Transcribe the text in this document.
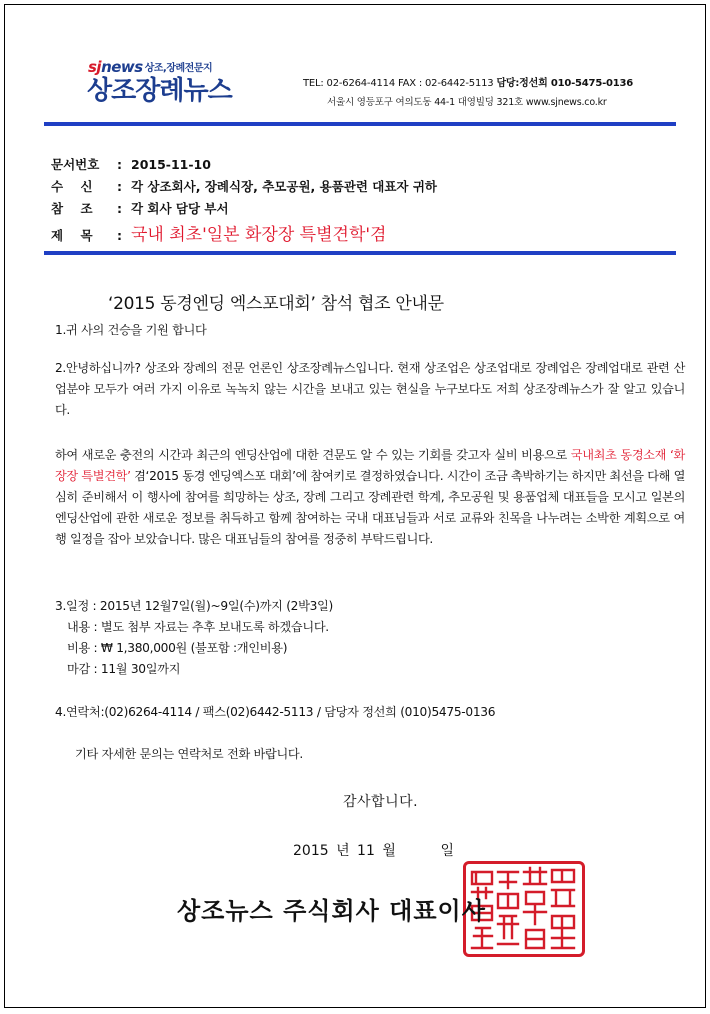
sj news 상조,장례전문지
상조장례뉴스	TEL: 02-6264-4114 FAX : 02-6442-5113 담당:정선희 010-5475-0136
서울시 영등포구 여의도동 44-1 대영빌딩 321호 www.sjnews.co.kr
문서번호	: 2015-11-10
수    신	: 각 상조회사, 장례식장, 추모공원, 용품관련 대표자 귀하
참    조	: 각 회사 담당 부서
제    목	: 국내 최초'일본 화장장 특별견학'겸
‘2015 동경엔딩 엑스포대회’ 참석 협조 안내문
1.귀 사의 건승을 기원 합니다
2.안녕하십니까? 상조와 장례의 전문 언론인 상조장례뉴스입니다. 현재 상조업은 상조업대로 장례업은 장례업대로 관련 산업분야 모두가 여러 가지 이유로 녹녹치 않는 시간을 보내고 있는 현실을 누구보다도 저희 상조장례뉴스가 잘 알고 있습니다.
하여 새로운 충전의 시간과 최근의 엔딩산업에 대한 견문도 알 수 있는 기회를 갖고자 실비 비용으로 국내최초 동경소재 ‘화장장 특별견학’ 겸‘2015 동경 엔딩엑스포 대회’에 참여키로 결정하였습니다. 시간이 조금 촉박하기는 하지만 최선을 다해 열심히 준비해서 이 행사에 참여를 희망하는 상조, 장례 그리고 장례관련 학계, 추모공원 및 용품업체 대표들을 모시고 일본의 엔딩산업에 관한 새로운 정보를 취득하고 함께 참여하는 국내 대표님들과 서로 교류와 친목을 나누려는 소박한 계획으로 여행 일정을 잡아 보았습니다. 많은 대표님들의 참여를 정중히 부탁드립니다.
3.일정 : 2015년 12월7일(월)~9일(수)까지 (2박3일)
내용 : 별도 첨부 자료는 추후 보내도록 하겠습니다.
비용 : ₩ 1,380,000원 (불포함 :개인비용)
마감 : 11월 30일까지
4.연락처:(02)6264-4114 / 팩스(02)6442-5113 / 담당자 정선희 (010)5475-0136
기타 자세한 문의는 연락처로 전화 바랍니다.
감사합니다.
2015 년 11 월      일
상조뉴스 주식회사 대표이사
